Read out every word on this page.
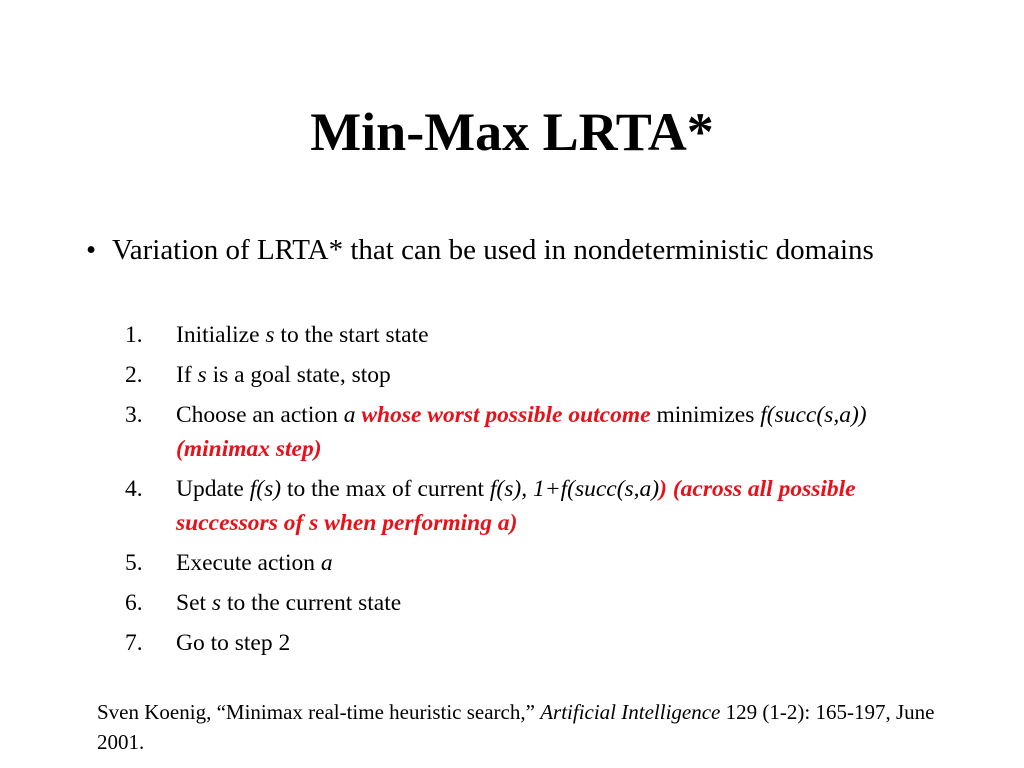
Min-Max LRTA*
• Variation of LRTA* that can be used in nondeterministic domains
1. Initialize s to the start state
2. If s is a goal state, stop
3. Choose an action a whose worst possible outcome minimizes f(succ(s,a)) (minimax step)
4. Update f(s) to the max of current f(s), 1+f(succ(s,a)) (across all possible successors of s when performing a)
5. Execute action a
6. Set s to the current state
7. Go to step 2
Sven Koenig, “Minimax real-time heuristic search,” Artificial Intelligence 129 (1-2): 165-197, June 2001.
